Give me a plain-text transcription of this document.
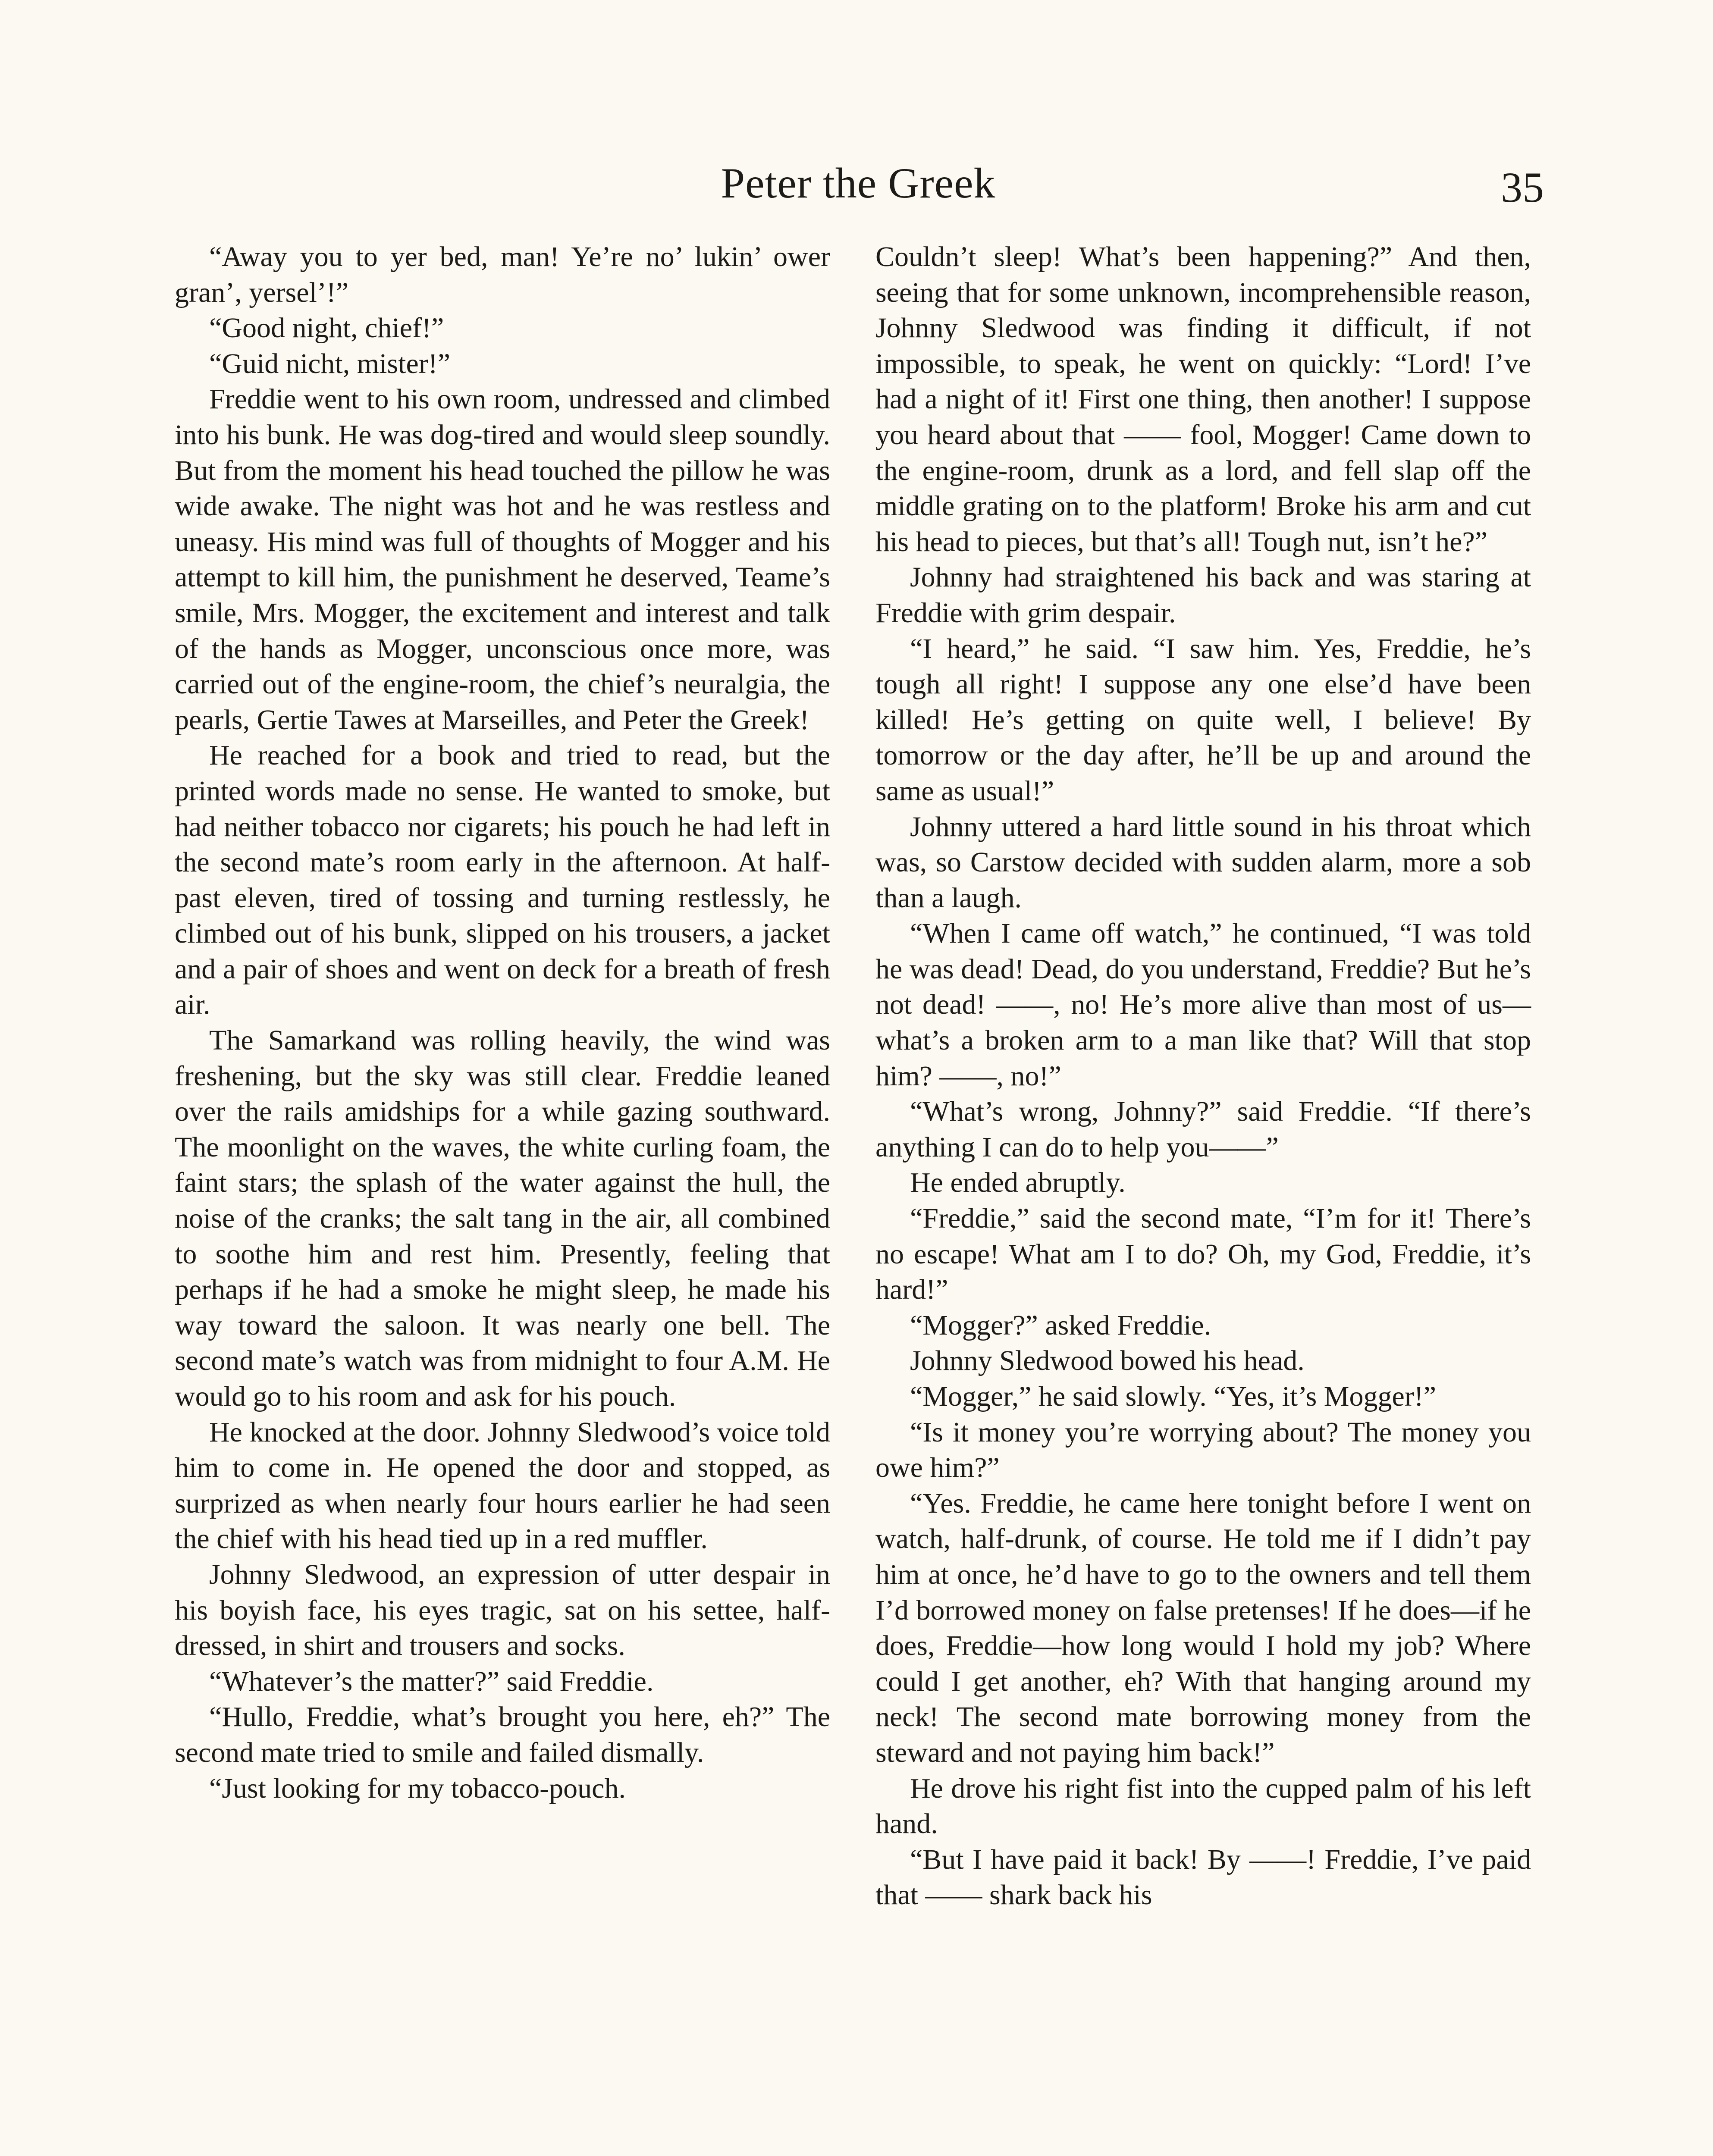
Peter the Greek	35

“Away you to yer bed, man! Ye’re no’ lukin’ ower gran’, yersel’!”

“Good night, chief!”

“Guid nicht, mister!”

Freddie went to his own room, undressed and climbed into his bunk. He was dog-tired and would sleep soundly. But from the moment his head touched the pillow he was wide awake. The night was hot and he was restless and uneasy. His mind was full of thoughts of Mogger and his attempt to kill him, the punishment he deserved, Teame’s smile, Mrs. Mogger, the excitement and interest and talk of the hands as Mogger, unconscious once more, was carried out of the engine-room, the chief’s neuralgia, the pearls, Gertie Tawes at Marseilles, and Peter the Greek!

He reached for a book and tried to read, but the printed words made no sense. He wanted to smoke, but had neither tobacco nor cigarets; his pouch he had left in the second mate’s room early in the afternoon. At half-past eleven, tired of tossing and turning restlessly, he climbed out of his bunk, slipped on his trousers, a jacket and a pair of shoes and went on deck for a breath of fresh air.

The Samarkand was rolling heavily, the wind was freshening, but the sky was still clear. Freddie leaned over the rails amidships for a while gazing southward. The moonlight on the waves, the white curling foam, the faint stars; the splash of the water against the hull, the noise of the cranks; the salt tang in the air, all combined to soothe him and rest him. Presently, feeling that perhaps if he had a smoke he might sleep, he made his way toward the saloon. It was nearly one bell. The second mate’s watch was from midnight to four A.M. He would go to his room and ask for his pouch.

He knocked at the door. Johnny Sledwood’s voice told him to come in. He opened the door and stopped, as surprized as when nearly four hours earlier he had seen the chief with his head tied up in a red muffler.

Johnny Sledwood, an expression of utter despair in his boyish face, his eyes tragic, sat on his settee, half-dressed, in shirt and trousers and socks.

“Whatever’s the matter?” said Freddie.

“Hullo, Freddie, what’s brought you here, eh?” The second mate tried to smile and failed dismally.

“Just looking for my tobacco-pouch.

Couldn’t sleep! What’s been happening?” And then, seeing that for some unknown, incomprehensible reason, Johnny Sledwood was finding it difficult, if not impossible, to speak, he went on quickly: “Lord! I’ve had a night of it! First one thing, then another! I suppose you heard about that —— fool, Mogger! Came down to the engine-room, drunk as a lord, and fell slap off the middle grating on to the platform! Broke his arm and cut his head to pieces, but that’s all! Tough nut, isn’t he?”

Johnny had straightened his back and was staring at Freddie with grim despair.

“I heard,” he said. “I saw him. Yes, Freddie, he’s tough all right! I suppose any one else’d have been killed! He’s getting on quite well, I believe! By tomorrow or the day after, he’ll be up and around the same as usual!”

Johnny uttered a hard little sound in his throat which was, so Carstow decided with sudden alarm, more a sob than a laugh.

“When I came off watch,” he continued, “I was told he was dead! Dead, do you understand, Freddie? But he’s not dead! ——, no! He’s more alive than most of us—what’s a broken arm to a man like that? Will that stop him? ——, no!”

“What’s wrong, Johnny?” said Freddie. “If there’s anything I can do to help you——”

He ended abruptly.

“Freddie,” said the second mate, “I’m for it! There’s no escape! What am I to do? Oh, my God, Freddie, it’s hard!”

“Mogger?” asked Freddie.

Johnny Sledwood bowed his head.

“Mogger,” he said slowly. “Yes, it’s Mogger!”

“Is it money you’re worrying about? The money you owe him?”

“Yes. Freddie, he came here tonight before I went on watch, half-drunk, of course. He told me if I didn’t pay him at once, he’d have to go to the owners and tell them I’d borrowed money on false pretenses! If he does—if he does, Freddie—how long would I hold my job? Where could I get another, eh? With that hanging around my neck! The second mate borrowing money from the steward and not paying him back!”

He drove his right fist into the cupped palm of his left hand.

“But I have paid it back! By ——! Freddie, I’ve paid that —— shark back his
